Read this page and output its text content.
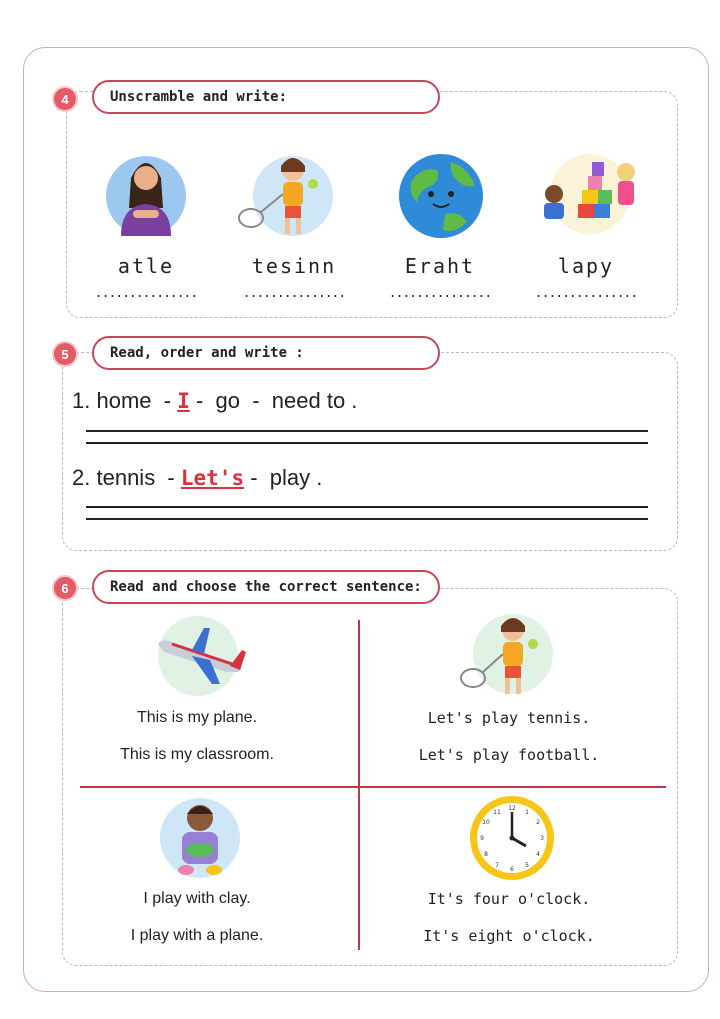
4	Unscramble and write:
atle
...............
tesinn
...............
Eraht
...............
lapy
...............
5	Read, order and write :
1. home  - I -  go  -  need to .
2. tennis  - Let's -  play .
6	Read and choose the correct sentence:
12
1
2
3
4
5
6
7
8
9
10
11
This is my plane.
This is my classroom.
Let's play tennis.
Let's play football.
I play with clay.
I play with a plane.
It's four o'clock.
It's eight o'clock.
